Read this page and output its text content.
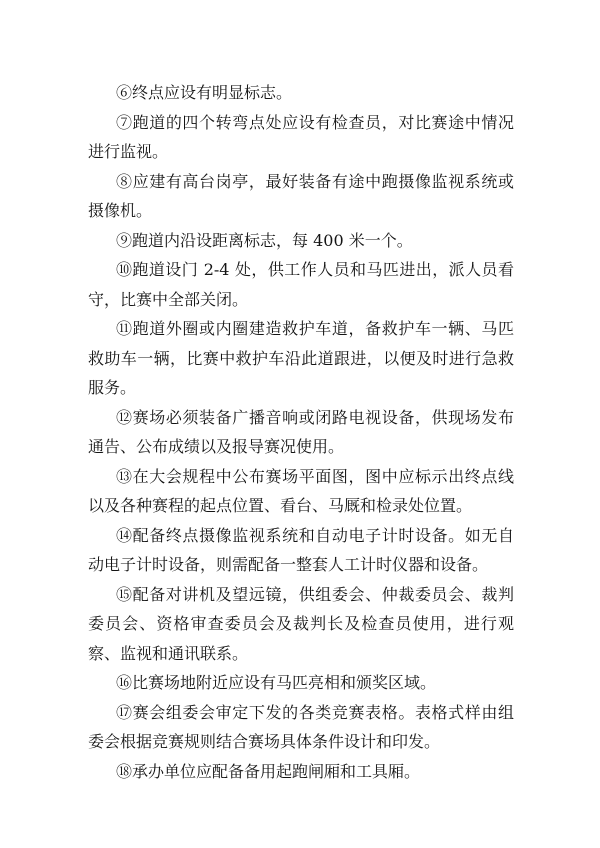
⑥终点应设有明显标志。

⑦跑道的四个转弯点处应设有检查员，对比赛途中情况进行监视。

⑧应建有高台岗亭，最好装备有途中跑摄像监视系统或摄像机。

⑨跑道内沿设距离标志，每 400 米一个。

⑩跑道设门 2-4 处，供工作人员和马匹进出，派人员看守，比赛中全部关闭。

⑪跑道外圈或内圈建造救护车道，备救护车一辆、马匹救助车一辆，比赛中救护车沿此道跟进，以便及时进行急救服务。

⑫赛场必须装备广播音响或闭路电视设备，供现场发布通告、公布成绩以及报导赛况使用。

⑬在大会规程中公布赛场平面图，图中应标示出终点线以及各种赛程的起点位置、看台、马厩和检录处位置。

⑭配备终点摄像监视系统和自动电子计时设备。如无自动电子计时设备，则需配备一整套人工计时仪器和设备。

⑮配备对讲机及望远镜，供组委会、仲裁委员会、裁判委员会、资格审查委员会及裁判长及检查员使用，进行观察、监视和通讯联系。

⑯比赛场地附近应设有马匹亮相和颁奖区域。

⑰赛会组委会审定下发的各类竞赛表格。表格式样由组委会根据竞赛规则结合赛场具体条件设计和印发。

⑱承办单位应配备备用起跑闸厢和工具厢。
